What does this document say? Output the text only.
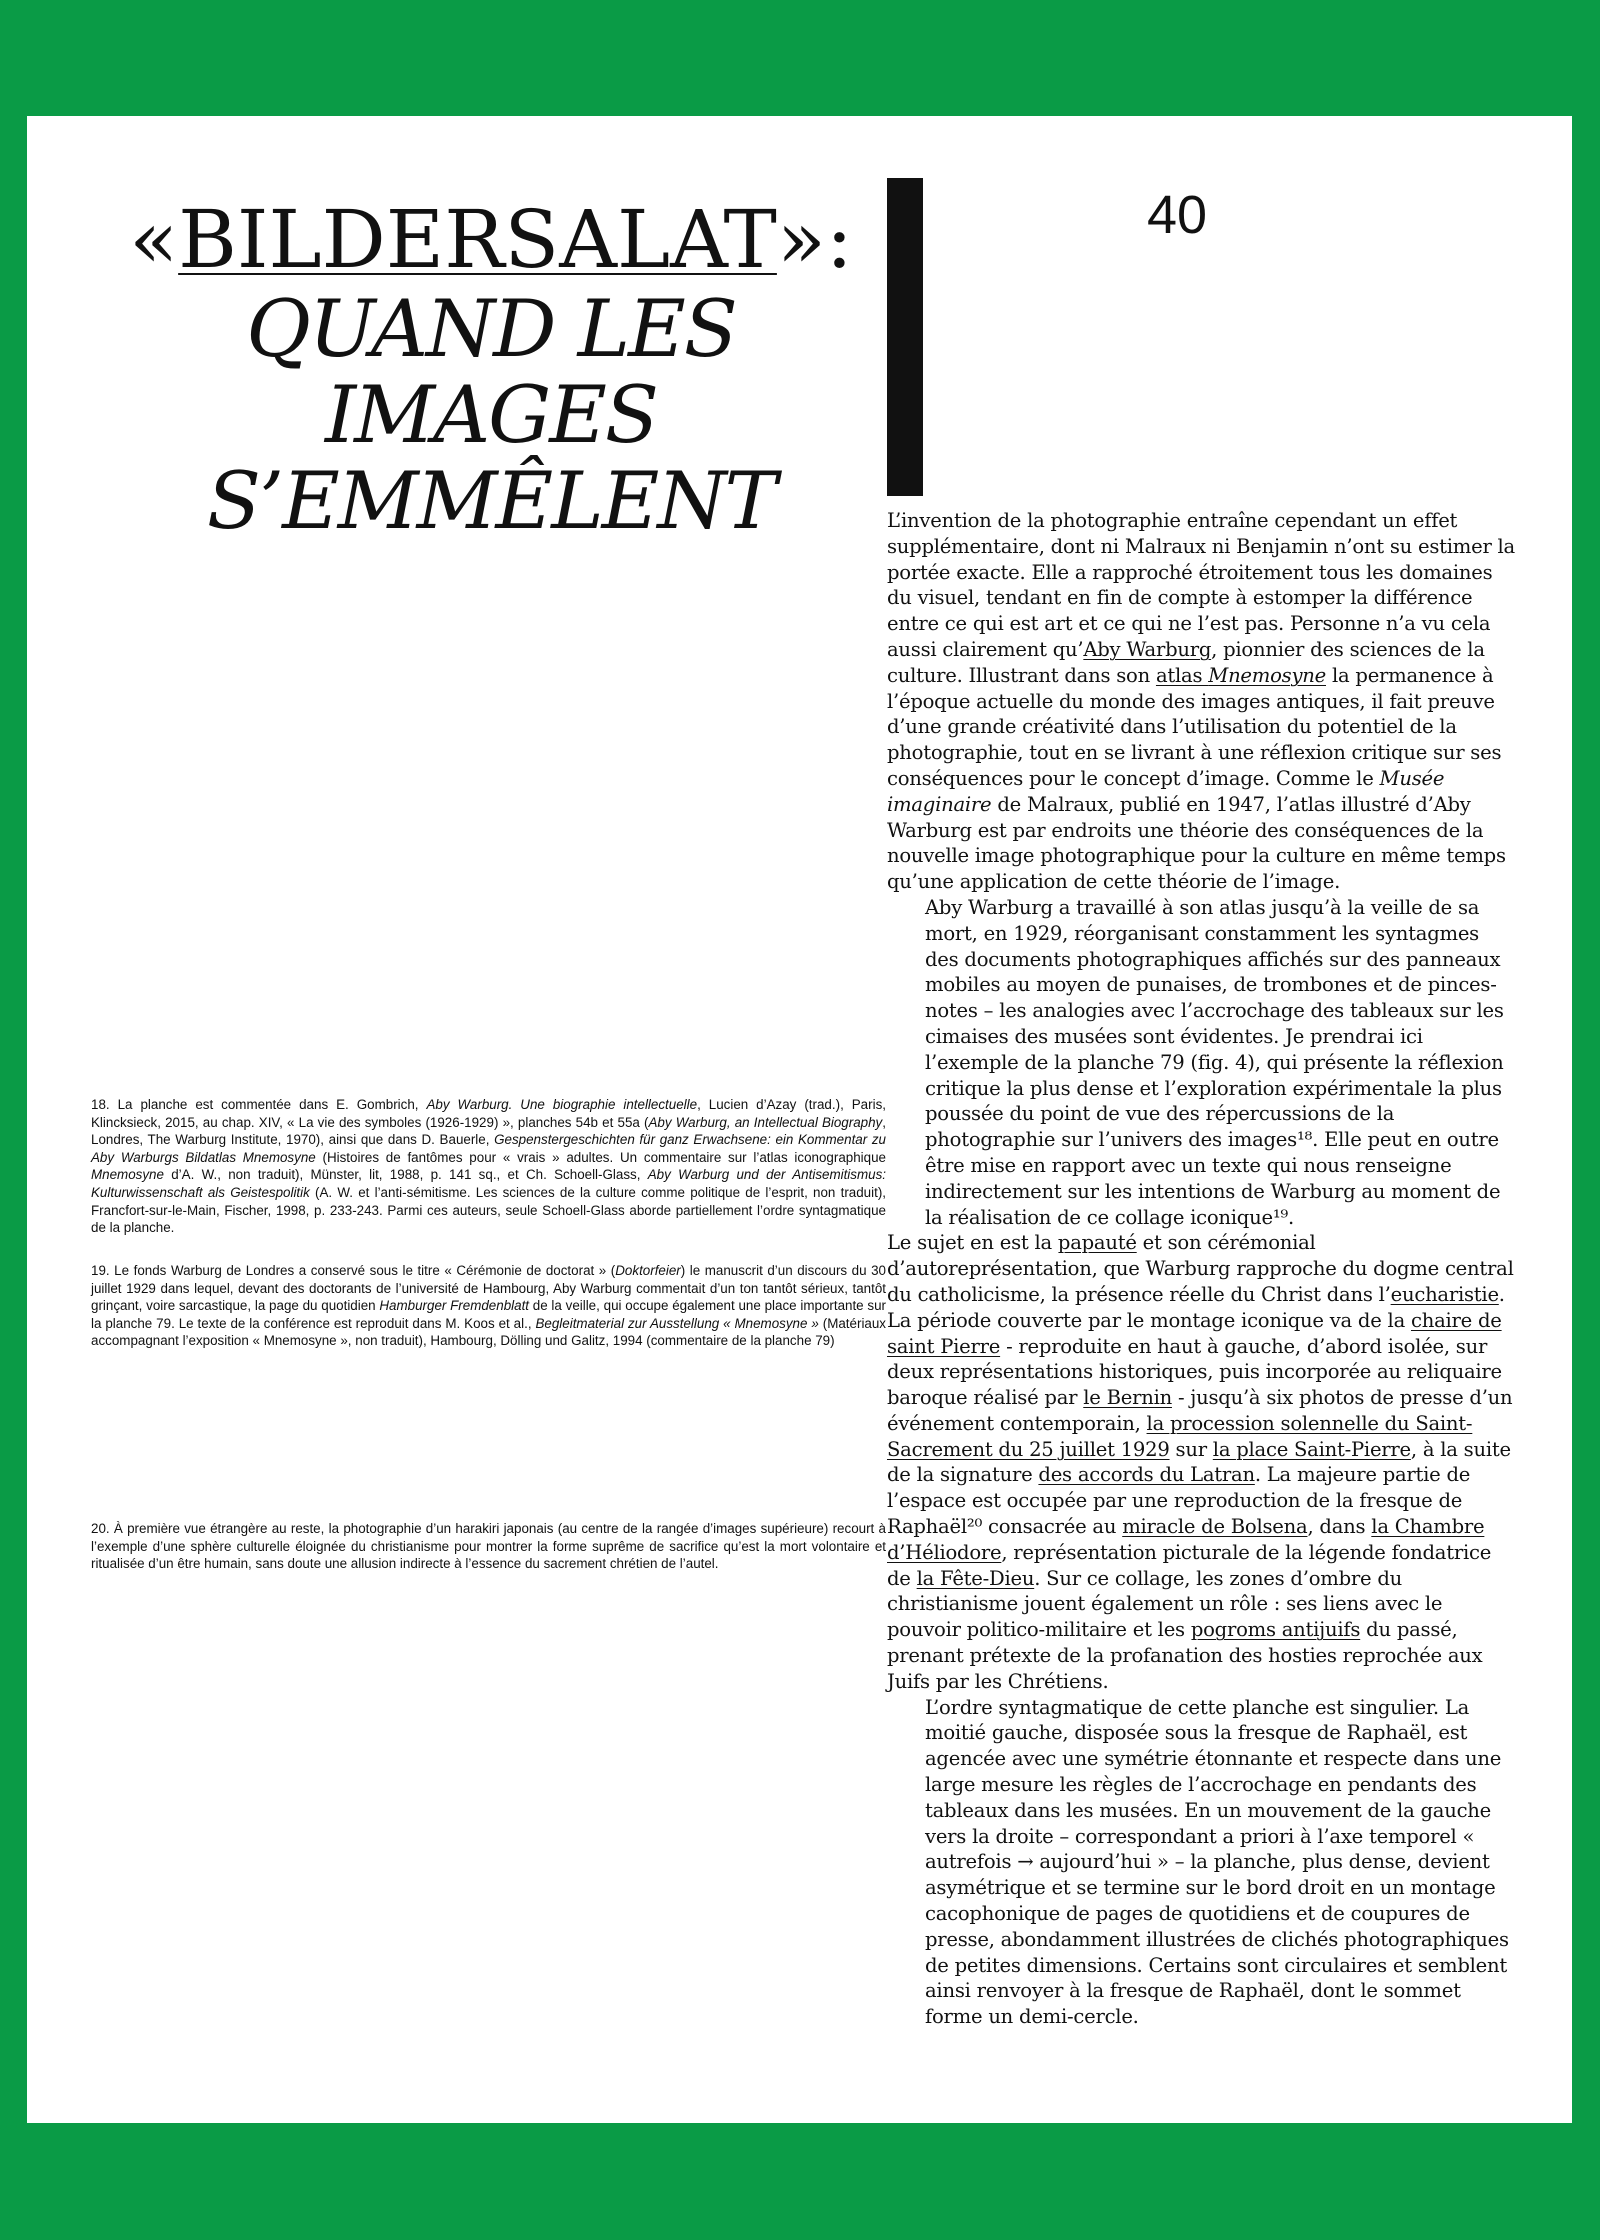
«BILDERSALAT»:
QUAND LES
IMAGES
S’EMMÊLENT
40

18. La planche est commentée dans E. Gombrich, Aby Warburg. Une biographie intellectuelle, Lucien d’Azay (trad.), Paris, Klincksieck, 2015, au chap. XIV, « La vie des symboles (1926-1929) », planches 54b et 55a (Aby Warburg, an Intellectual Biography, Londres, The Warburg Institute, 1970), ainsi que dans D. Bauerle, Gespenstergeschichten für ganz Erwachsene: ein Kommentar zu Aby Warburgs Bildatlas Mnemosyne (Histoires de fantômes pour « vrais » adultes. Un commentaire sur l’atlas iconographique Mnemosyne d’A. W., non traduit), Münster, lit, 1988, p. 141 sq., et Ch. Schoell-Glass, Aby Warburg und der Antisemitismus: Kulturwissenschaft als Geistespolitik (A. W. et l’anti-sémitisme. Les sciences de la culture comme politique de l’esprit, non traduit), Francfort-sur-le-Main, Fischer, 1998, p. 233-243. Parmi ces auteurs, seule Schoell-Glass aborde partiellement l’ordre syntagmatique de la planche.

19. Le fonds Warburg de Londres a conservé sous le titre « Cérémonie de doctorat » (Doktorfeier) le manuscrit d’un discours du 30 juillet 1929 dans lequel, devant des doctorants de l’université de Hambourg, Aby Warburg commentait d’un ton tantôt sérieux, tantôt grinçant, voire sarcastique, la page du quotidien Hamburger Fremdenblatt de la veille, qui occupe également une place importante sur la planche 79. Le texte de la conférence est reproduit dans M. Koos et al., Begleitmaterial zur Ausstellung « Mnemosyne » (Matériaux accompagnant l’exposition « Mnemosyne », non traduit), Hambourg, Dölling und Galitz, 1994 (commentaire de la planche 79)

20. À première vue étrangère au reste, la photographie d’un harakiri japonais (au centre de la rangée d’images supérieure) recourt à l’exemple d’une sphère culturelle éloignée du christianisme pour montrer la forme suprême de sacrifice qu’est la mort volontaire et ritualisée d’un être humain, sans doute une allusion indirecte à l’essence du sacrement chrétien de l’autel.

L’invention de la photographie entraîne cependant un effet supplémentaire, dont ni Malraux ni Benjamin n’ont su estimer la portée exacte. Elle a rapproché étroitement tous les domaines du visuel, tendant en fin de compte à estomper la différence entre ce qui est art et ce qui ne l’est pas. Personne n’a vu cela aussi clairement qu’Aby Warburg, pionnier des sciences de la culture. Illustrant dans son atlas Mnemosyne la permanence à l’époque actuelle du monde des images antiques, il fait preuve d’une grande créativité dans l’utilisation du potentiel de la photographie, tout en se livrant à une réflexion critique sur ses conséquences pour le concept d’image. Comme le Musée imaginaire de Malraux, publié en 1947, l’atlas illustré d’Aby Warburg est par endroits une théorie des conséquences de la nouvelle image photographique pour la culture en même temps qu’une application de cette théorie de l’image.

Aby Warburg a travaillé à son atlas jusqu’à la veille de sa mort, en 1929, réorganisant constamment les syntagmes des documents photographiques affichés sur des panneaux mobiles au moyen de punaises, de trombones et de pinces-notes – les analogies avec l’accrochage des tableaux sur les cimaises des musées sont évidentes. Je prendrai ici l’exemple de la planche 79 (fig. 4), qui présente la réflexion critique la plus dense et l’exploration expérimentale la plus poussée du point de vue des répercussions de la photographie sur l’univers des images¹⁸. Elle peut en outre être mise en rapport avec un texte qui nous renseigne indirectement sur les intentions de Warburg au moment de la réalisation de ce collage iconique¹⁹.

Le sujet en est la papauté et son cérémonial d’autoreprésentation, que Warburg rapproche du dogme central du catholicisme, la présence réelle du Christ dans l’eucharistie. La période couverte par le montage iconique va de la chaire de saint Pierre - reproduite en haut à gauche, d’abord isolée, sur deux représentations historiques, puis incorporée au reliquaire baroque réalisé par le Bernin - jusqu’à six photos de presse d’un événement contemporain, la procession solennelle du Saint-Sacrement du 25 juillet 1929 sur la place Saint-Pierre, à la suite de la signature des accords du Latran. La majeure partie de l’espace est occupée par une reproduction de la fresque de Raphaël²⁰ consacrée au miracle de Bolsena, dans la Chambre d’Héliodore, représentation picturale de la légende fondatrice de la Fête-Dieu. Sur ce collage, les zones d’ombre du christianisme jouent également un rôle : ses liens avec le pouvoir politico-militaire et les pogroms antijuifs du passé, prenant prétexte de la profanation des hosties reprochée aux Juifs par les Chrétiens.

L’ordre syntagmatique de cette planche est singulier. La moitié gauche, disposée sous la fresque de Raphaël, est agencée avec une symétrie étonnante et respecte dans une large mesure les règles de l’accrochage en pendants des tableaux dans les musées. En un mouvement de la gauche vers la droite – correspondant a priori à l’axe temporel « autrefois → aujourd’hui » – la planche, plus dense, devient asymétrique et se termine sur le bord droit en un montage cacophonique de pages de quotidiens et de coupures de presse, abondamment illustrées de clichés photographiques de petites dimensions. Certains sont circulaires et semblent ainsi renvoyer à la fresque de Raphaël, dont le sommet forme un demi-cercle.
